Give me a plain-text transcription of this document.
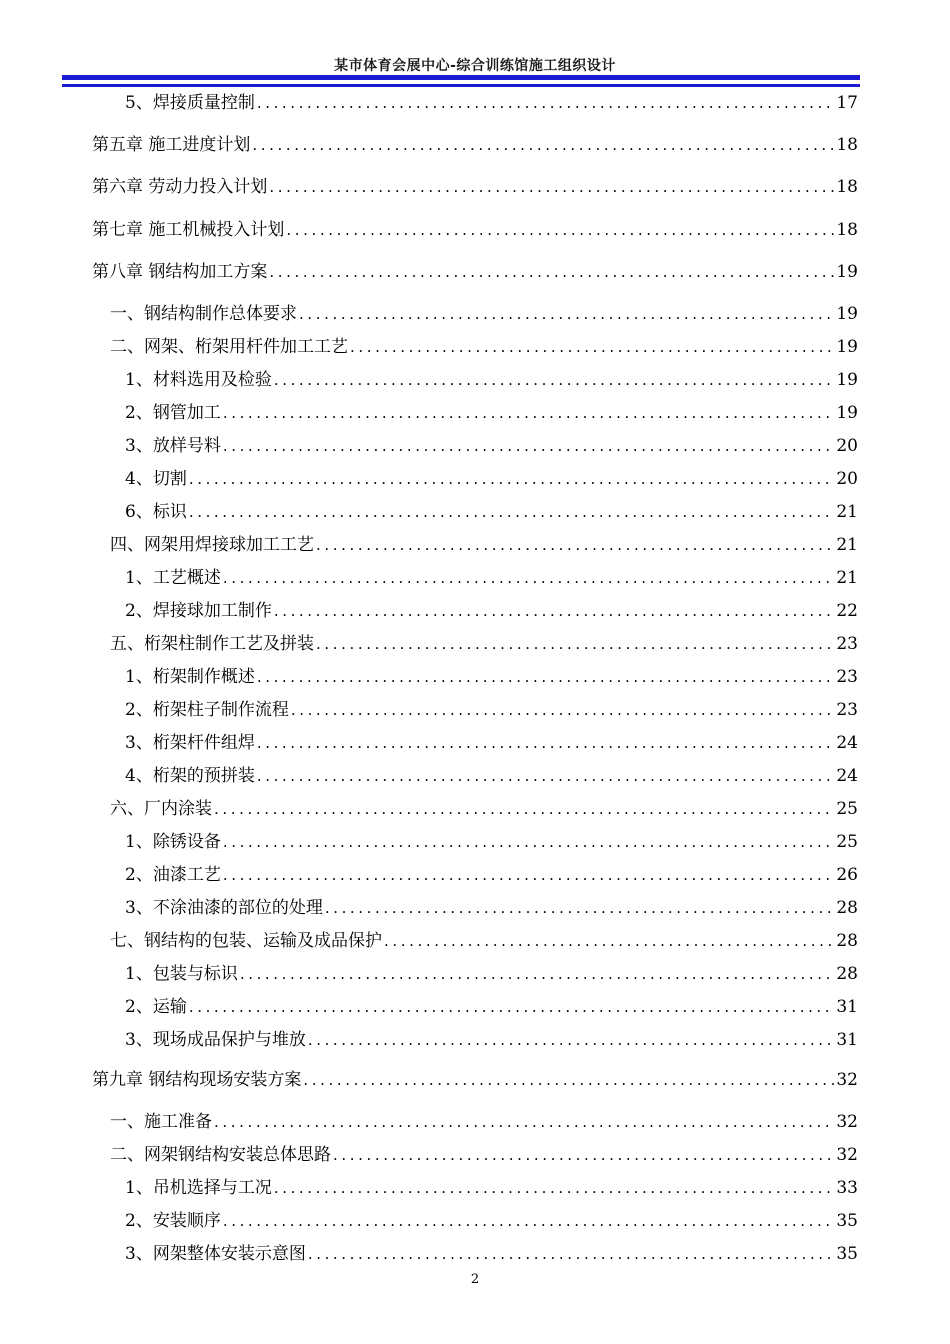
某市体育会展中心-综合训练馆施工组织设计
5、焊接质量控制 .....	17
第五章 施工进度计划 .....	18
第六章 劳动力投入计划 .....	18
第七章 施工机械投入计划 .....	18
第八章 钢结构加工方案 .....	19
一、钢结构制作总体要求 .....	19
二、网架、桁架用杆件加工工艺 .....	19
1、材料选用及检验 .....	19
2、钢管加工 .....	19
3、放样号料 .....	20
4、切割 .....	20
6、标识 .....	21
四、网架用焊接球加工工艺 .....	21
1、工艺概述 .....	21
2、焊接球加工制作 .....	22
五、桁架柱制作工艺及拼装 .....	23
1、桁架制作概述 .....	23
2、桁架柱子制作流程 .....	23
3、桁架杆件组焊 .....	24
4、桁架的预拼装 .....	24
六、厂内涂装 .....	25
1、除锈设备 .....	25
2、油漆工艺 .....	26
3、不涂油漆的部位的处理 .....	28
七、钢结构的包装、运输及成品保护 .....	28
1、包装与标识 .....	28
2、运输 .....	31
3、现场成品保护与堆放 .....	31
第九章 钢结构现场安装方案 .....	32
一、施工准备 .....	32
二、网架钢结构安装总体思路 .....	32
1、吊机选择与工况 .....	33
2、安装顺序 .....	35
3、网架整体安装示意图 .....	35
2
